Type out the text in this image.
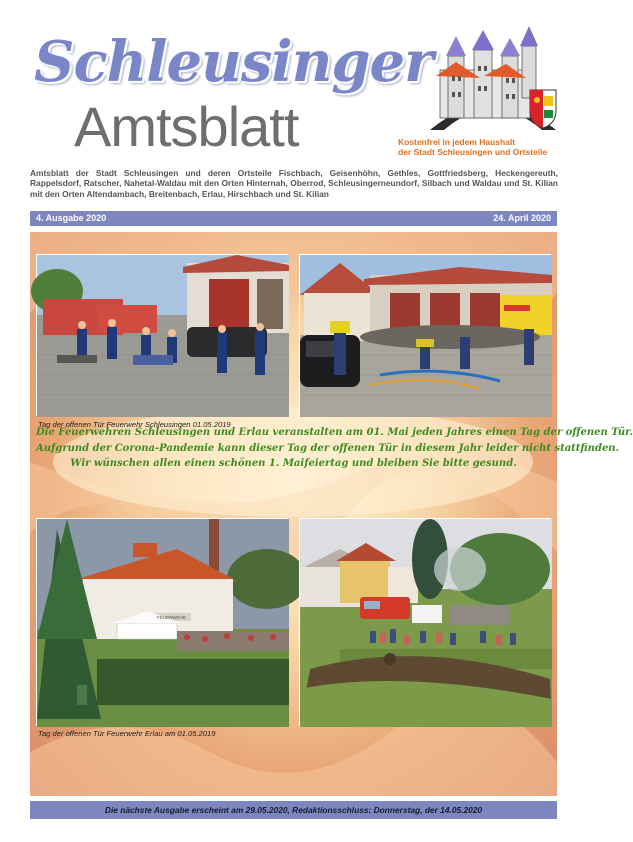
Schleusinger
Amtsblatt	Kostenfrei in jedem Haushalt
der Stadt Schleusingen und Ortsteile
Amtsblatt der Stadt Schleusingen und deren Ortsteile Fischbach, Geisenhöhn, Gethles, Gottfriedsberg, Heckengereuth, Rappelsdorf, Ratscher, Nahetal-Waldau mit den Orten Hinternah, Oberrod, Schleusingerneundorf, Silbach und Waldau und St. Kilian mit den Orten Altendambach, Breitenbach, Erlau, Hirschbach und St. Kilian
4. Ausgabe 2020	24. April 2020
Tag der offenen Tür Feuerwehr Schleusingen 01.05.2019

Die Feuerwehren Schleusingen und Erlau veranstalten am 01. Mai jeden Jahres einen Tag der offenen Tür.

Aufgrund der Corona-Pandemie kann dieser Tag der offenen Tür in diesem Jahr leider nicht stattfinden.

Wir wünschen allen einen schönen 1. Maifeiertag und bleiben Sie bitte gesund.

FEUERWEHR
Tag der offenen Tür Feuerwehr Erlau am 01.05.2019
Die nächste Ausgabe erscheint am 29.05.2020, Redaktionsschluss: Donnerstag, der 14.05.2020
